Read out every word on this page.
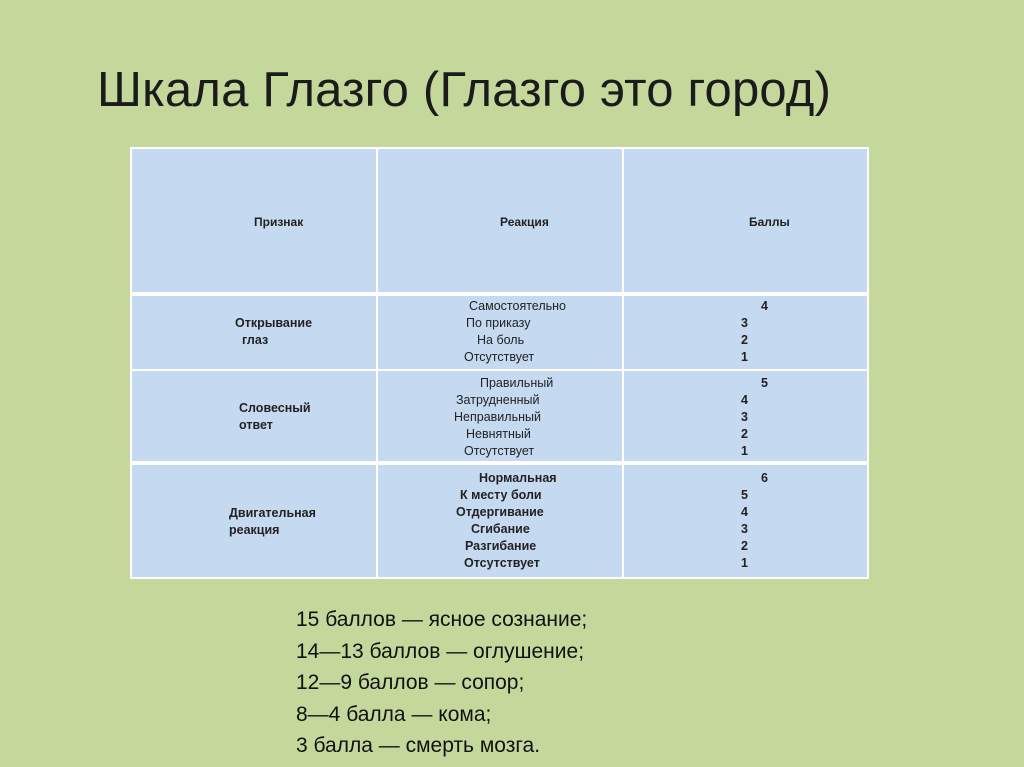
Шкала Глазго (Глазго это город)
Признак	Реакция	Баллы
Открывание
глаз
Самостоятельно
По приказу
На боль
Отсутствует
4
3
2
1
Словесный
ответ
Правильный
Затрудненный
Неправильный
Невнятный
Отсутствует
5
4
3
2
1
Двигательная
реакция
Нормальная
К месту боли
Отдергивание
Сгибание
Разгибание
Отсутствует
6
5
4
3
2
1
15 баллов — ясное сознание;
14—13 баллов — оглушение;
12—9 баллов — сопор;
8—4 балла — кома;
3 балла — смерть мозга.
